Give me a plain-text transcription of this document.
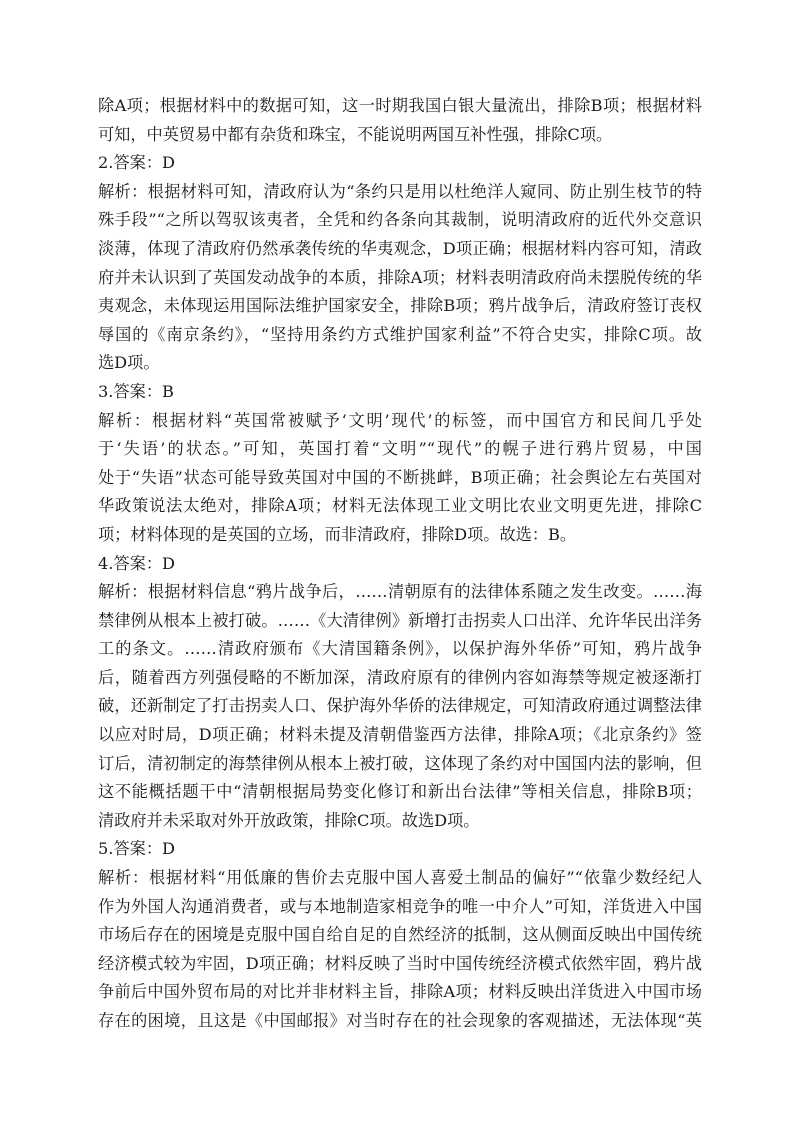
除A项；根据材料中的数据可知，这一时期我国白银大量流出，排除B项；根据材料
可知，中英贸易中都有杂货和珠宝，不能说明两国互补性强，排除C项。
2.答案：D
解析：根据材料可知，清政府认为“条约只是用以杜绝洋人窥同、防止别生枝节的特
殊手段”“之所以驾驭该夷者，全凭和约各条向其裁制，说明清政府的近代外交意识
淡薄，体现了清政府仍然承袭传统的华夷观念，D项正确；根据材料内容可知，清政
府并未认识到了英国发动战争的本质，排除A项；材料表明清政府尚未摆脱传统的华
夷观念，未体现运用国际法维护国家安全，排除B项；鸦片战争后，清政府签订丧权
辱国的《南京条约》，“坚持用条约方式维护国家利益”不符合史实，排除C项。故
选D项。
3.答案：B
解析：根据材料“英国常被赋予‘文明’现代’的标签，而中国官方和民间几乎处
于‘失语’的状态。”可知，英国打着“文明”“现代”的幌子进行鸦片贸易，中国
处于“失语”状态可能导致英国对中国的不断挑衅，B项正确；社会舆论左右英国对
华政策说法太绝对，排除A项；材料无法体现工业文明比农业文明更先进，排除C
项；材料体现的是英国的立场，而非清政府，排除D项。故选：B。
4.答案：D
解析：根据材料信息“鸦片战争后，……清朝原有的法律体系随之发生改变。……海
禁律例从根本上被打破。……《大清律例》新增打击拐卖人口出洋、允许华民出洋务
工的条文。……清政府颁布《大清国籍条例》，以保护海外华侨”可知，鸦片战争
后，随着西方列强侵略的不断加深，清政府原有的律例内容如海禁等规定被逐渐打
破，还新制定了打击拐卖人口、保护海外华侨的法律规定，可知清政府通过调整法律
以应对时局，D项正确；材料未提及清朝借鉴西方法律，排除A项；《北京条约》签
订后，清初制定的海禁律例从根本上被打破，这体现了条约对中国国内法的影响，但
这不能概括题干中“清朝根据局势变化修订和新出台法律”等相关信息，排除B项；
清政府并未采取对外开放政策，排除C项。故选D项。
5.答案：D
解析：根据材料“用低廉的售价去克服中国人喜爱土制品的偏好”“依靠少数经纪人
作为外国人沟通消费者，或与本地制造家相竞争的唯一中介人”可知，洋货进入中国
市场后存在的困境是克服中国自给自足的自然经济的抵制，这从侧面反映出中国传统
经济模式较为牢固，D项正确；材料反映了当时中国传统经济模式依然牢固，鸦片战
争前后中国外贸布局的对比并非材料主旨，排除A项；材料反映出洋货进入中国市场
存在的困境，且这是《中国邮报》对当时存在的社会现象的客观描述，无法体现“英
